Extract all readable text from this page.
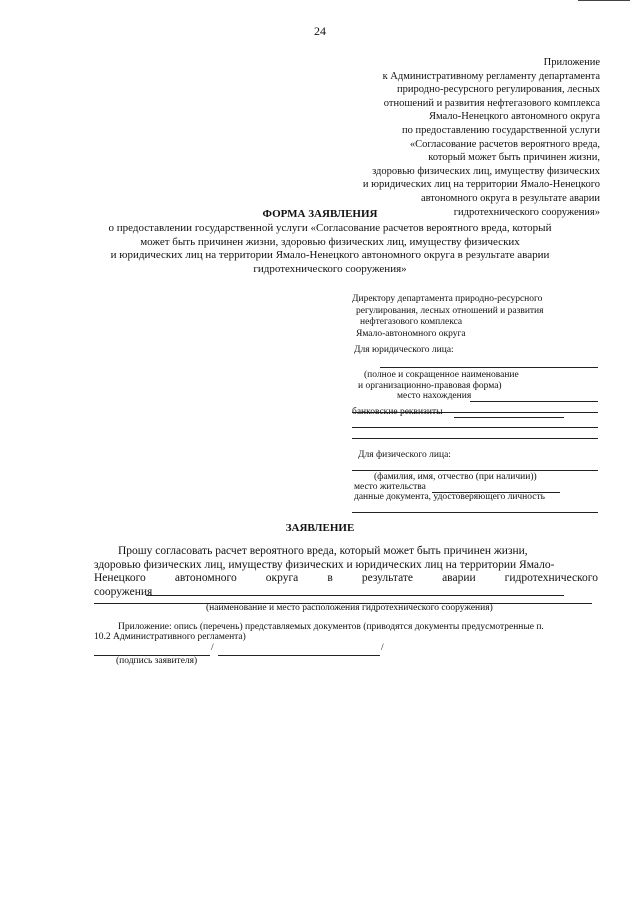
24
Приложение
к Административному регламенту департамента
природно-ресурсного регулирования, лесных
отношений и развития нефтегазового комплекса
Ямало-Ненецкого автономного округа
по предоставлению государственной услуги
«Согласование расчетов вероятного вреда,
который может быть причинен жизни,
здоровью физических лиц, имуществу физических
и юридических лиц на территории Ямало-Ненецкого
автономного округа в результате аварии
гидротехнического сооружения»
ФОРМА ЗАЯВЛЕНИЯ
о предоставлении государственной услуги «Согласование расчетов вероятного вреда, который
может быть причинен жизни, здоровью физических лиц, имуществу физических
и юридических лиц на территории Ямало-Ненецкого автономного округа в результате аварии
гидротехнического сооружения»
Директору департамента природно-ресурсного
регулирования, лесных отношений и развития
нефтегазового комплекса
Ямало-автономного округа
Для юридического лица:
(полное и сокращенное наименование
и организационно-правовая форма)
место нахождения
банковские реквизиты
Для физического лица:
(фамилия, имя, отчество (при наличии))
место жительства
данные документа, удостоверяющего личность
ЗАЯВЛЕНИЕ
Прошу согласовать расчет вероятного вреда, который может быть причинен жизни,
здоровью физических лиц, имуществу физических и юридических лиц на территории Ямало-
Ненецкого	автономного	округа	в	результате	аварии	гидротехнического
сооружения
(наименование и место расположения гидротехнического сооружения)
Приложение: опись (перечень) представляемых документов (приводятся документы предусмотренные п.
10.2 Административного регламента)
/	/
(подпись заявителя)
